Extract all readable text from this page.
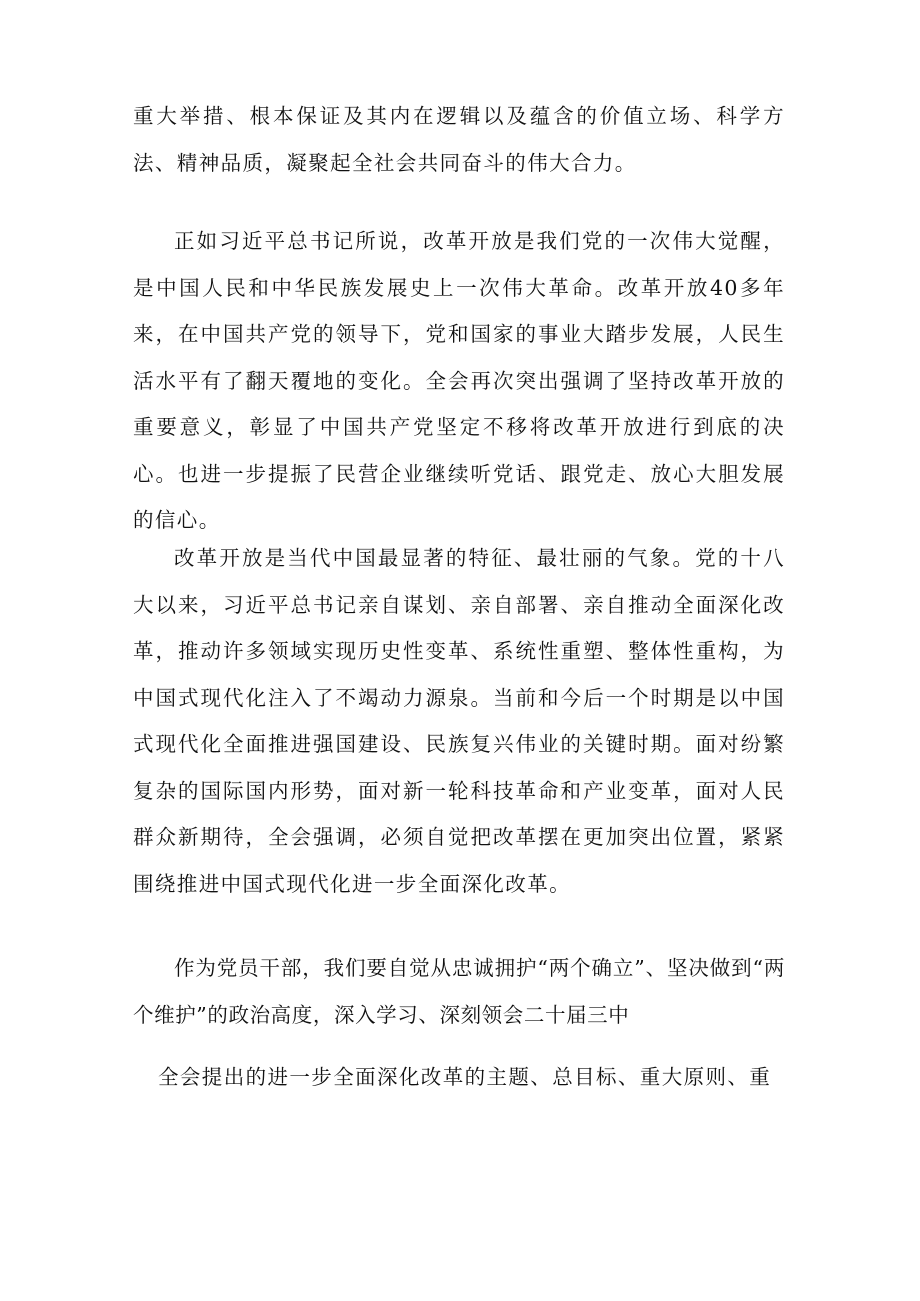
重大举措、根本保证及其内在逻辑以及蕴含的价值立场、科学方法、精神品质，凝聚起全社会共同奋斗的伟大合力。

正如习近平总书记所说，改革开放是我们党的一次伟大觉醒，是中国人民和中华民族发展史上一次伟大革命。改革开放40多年来，在中国共产党的领导下，党和国家的事业大踏步发展，人民生活水平有了翻天覆地的变化。全会再次突出强调了坚持改革开放的重要意义，彰显了中国共产党坚定不移将改革开放进行到底的决心。也进一步提振了民营企业继续听党话、跟党走、放心大胆发展的信心。

改革开放是当代中国最显著的特征、最壮丽的气象。党的十八大以来，习近平总书记亲自谋划、亲自部署、亲自推动全面深化改革，推动许多领域实现历史性变革、系统性重塑、整体性重构，为中国式现代化注入了不竭动力源泉。当前和今后一个时期是以中国式现代化全面推进强国建设、民族复兴伟业的关键时期。面对纷繁复杂的国际国内形势，面对新一轮科技革命和产业变革，面对人民群众新期待，全会强调，必须自觉把改革摆在更加突出位置，紧紧围绕推进中国式现代化进一步全面深化改革。

作为党员干部，我们要自觉从忠诚拥护“两个确立”、坚决做到“两个维护”的政治高度，深入学习、深刻领会二十届三中

全会提出的进一步全面深化改革的主题、总目标、重大原则、重
